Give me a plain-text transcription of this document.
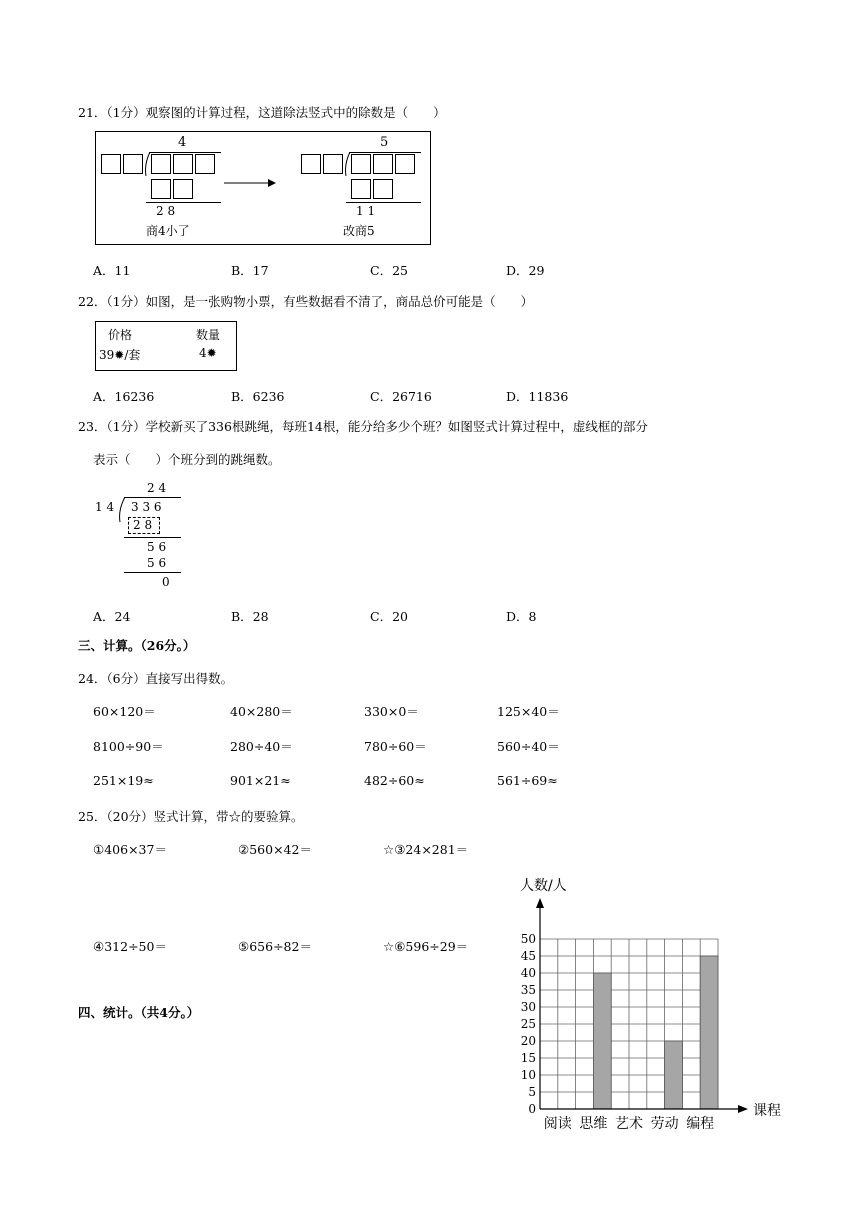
21．（1分）观察图的计算过程，这道除法竖式中的除数是（　　）
4
2 8
商4小了
5
1 1
改商5
A．11	B．17	C．25	D．29
22．（1分）如图，是一张购物小票，有些数据看不清了，商品总价可能是（　　）
价格	数量
39✹/套	4✹
A．16236	B．6236	C．26716	D．11836
23．（1分）学校新买了336根跳绳，每班14根，能分给多少个班？如图竖式计算过程中，虚线框的部分
表示（　　）个班分到的跳绳数。
2 4
1 4 3 3 6
2 8
5 6
5 6
0
A．24	B．28	C．20	D．8
三、计算。（26分。）
24．（6分）直接写出得数。
60×120＝	40×280＝	330×0＝	125×40＝
8100÷90＝	280÷40＝	780÷60＝	560÷40＝
251×19≈	901×21≈	482÷60≈	561÷69≈
25．（20分）竖式计算，带☆的要验算。
①406×37＝	②560×42＝	☆③24×281＝
④312÷50＝	⑤656÷82＝	☆⑥596÷29＝
四、统计。（共4分。）
0
5
10
15
20
25
30
35
40
45
50
阅读 思维 艺术 劳动 编程
人数/人
课程
